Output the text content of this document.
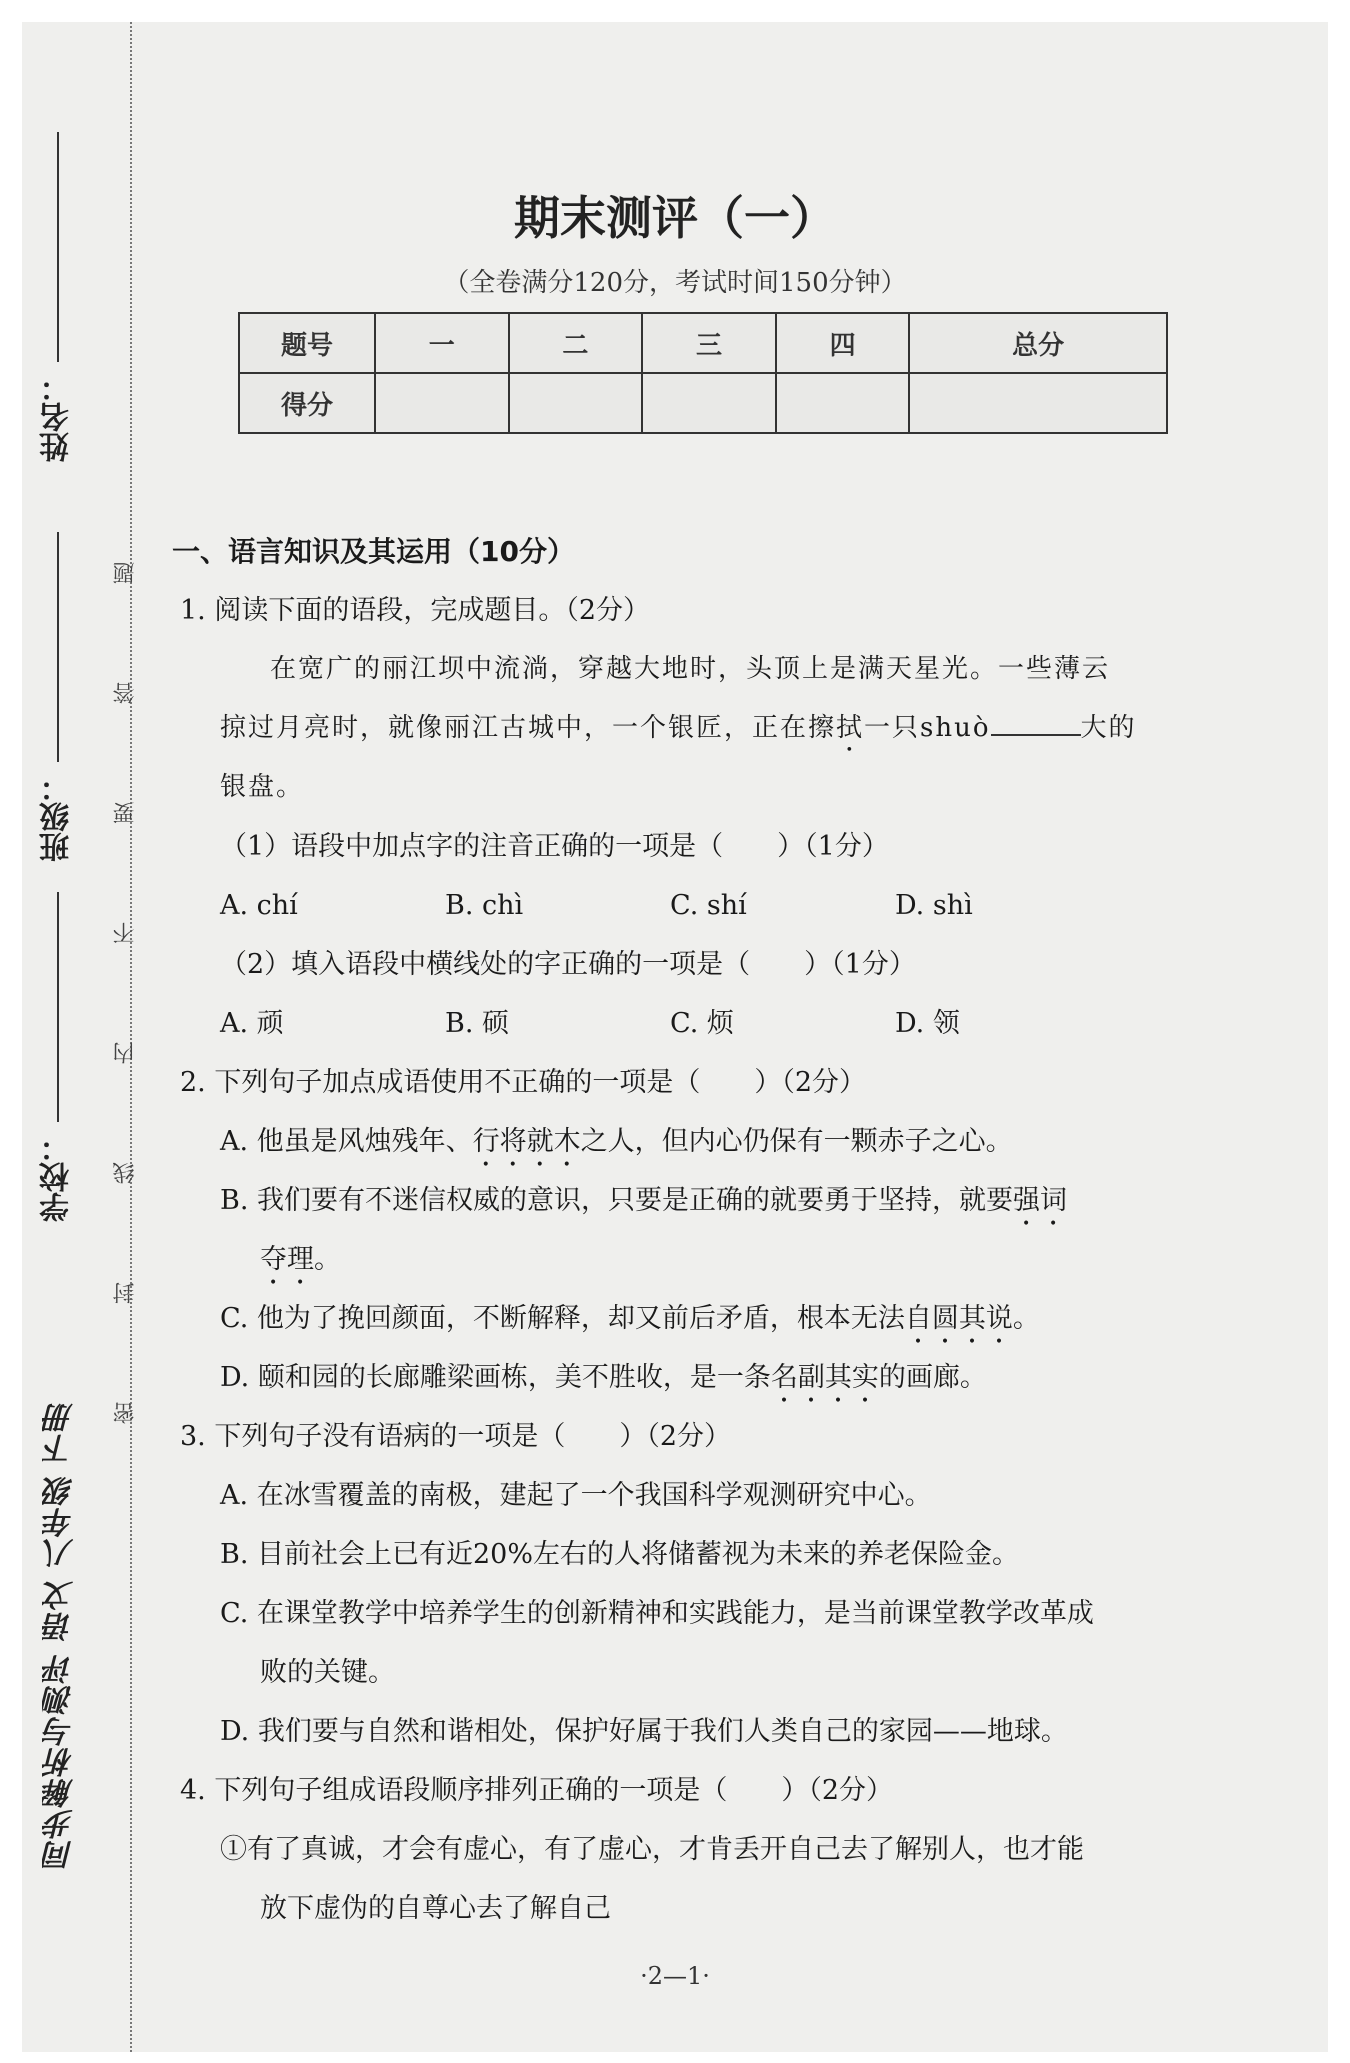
姓名：
班级：
学校：
题
答
要
不
内
线
封
密
同步解析与测评 语文 八年级 下册
期末测评（一）
（全卷满分120分，考试时间150分钟）
题号	一	二	三	四	总分
得分					
一、语言知识及其运用（10分）
1. 阅读下面的语段，完成题目。（2分）
在宽广的丽江坝中流淌，穿越大地时，头顶上是满天星光。一些薄云
掠过月亮时，就像丽江古城中，一个银匠，正在擦拭一只shuò	大的
银盘。
（1）语段中加点字的注音正确的一项是（　　）（1分）
A. chí	B. chì	C. shí	D. shì
（2）填入语段中横线处的字正确的一项是（　　）（1分）
A. 顽	B. 硕	C. 烦	D. 领
2. 下列句子加点成语使用不正确的一项是（　　）（2分）
A. 他虽是风烛残年、行将就木之人，但内心仍保有一颗赤子之心。
B. 我们要有不迷信权威的意识，只要是正确的就要勇于坚持，就要强词
夺理。
C. 他为了挽回颜面，不断解释，却又前后矛盾，根本无法自圆其说。
D. 颐和园的长廊雕梁画栋，美不胜收，是一条名副其实的画廊。
3. 下列句子没有语病的一项是（　　）（2分）
A. 在冰雪覆盖的南极，建起了一个我国科学观测研究中心。
B. 目前社会上已有近20%左右的人将储蓄视为未来的养老保险金。
C. 在课堂教学中培养学生的创新精神和实践能力，是当前课堂教学改革成
败的关键。
D. 我们要与自然和谐相处，保护好属于我们人类自己的家园——地球。
4. 下列句子组成语段顺序排列正确的一项是（　　）（2分）
①有了真诚，才会有虚心，有了虚心，才肯丢开自己去了解别人，也才能
放下虚伪的自尊心去了解自己
·2—1·
